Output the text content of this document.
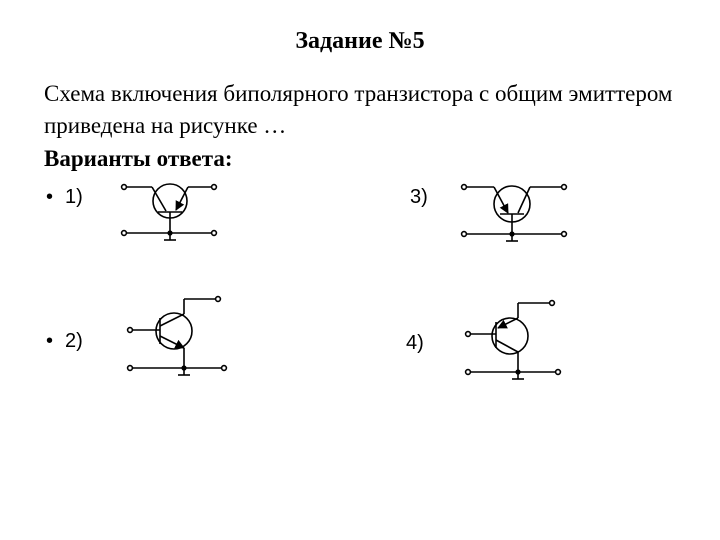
Задание №5
Схема включения биполярного транзистора с общим эмиттером приведена на рисунке …
Варианты ответа:
• 1)
• 2)
3)
4)
